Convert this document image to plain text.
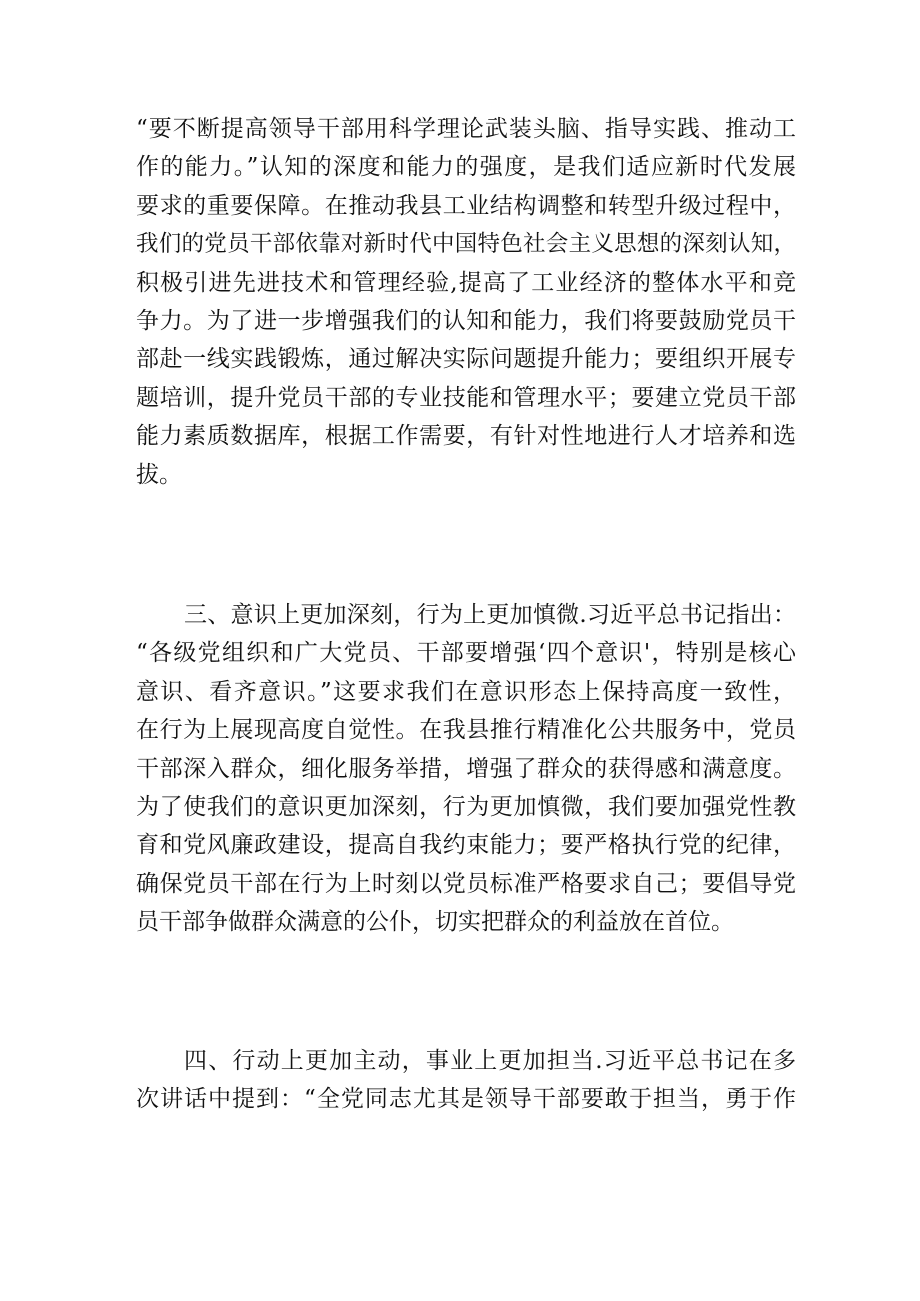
“要不断提高领导干部用科学理论武装头脑、指导实践、推动工
作的能力。”认知的深度和能力的强度，是我们适应新时代发展
要求的重要保障。在推动我县工业结构调整和转型升级过程中，
我们的党员干部依靠对新时代中国特色社会主义思想的深刻认知，
积极引进先进技术和管理经验,提高了工业经济的整体水平和竞
争力。为了进一步增强我们的认知和能力，我们将要鼓励党员干
部赴一线实践锻炼，通过解决实际问题提升能力；要组织开展专
题培训，提升党员干部的专业技能和管理水平；要建立党员干部
能力素质数据库，根据工作需要，有针对性地进行人才培养和选
拔。
三、意识上更加深刻，行为上更加慎微.习近平总书记指出：
“各级党组织和广大党员、干部要增强‘四个意识'，特别是核心
意识、看齐意识。”这要求我们在意识形态上保持高度一致性，
在行为上展现高度自觉性。在我县推行精准化公共服务中，党员
干部深入群众，细化服务举措，增强了群众的获得感和满意度。
为了使我们的意识更加深刻，行为更加慎微，我们要加强党性教
育和党风廉政建设，提高自我约束能力；要严格执行党的纪律，
确保党员干部在行为上时刻以党员标准严格要求自己；要倡导党
员干部争做群众满意的公仆，切实把群众的利益放在首位。
四、行动上更加主动，事业上更加担当.习近平总书记在多
次讲话中提到：“全党同志尤其是领导干部要敢于担当，勇于作
